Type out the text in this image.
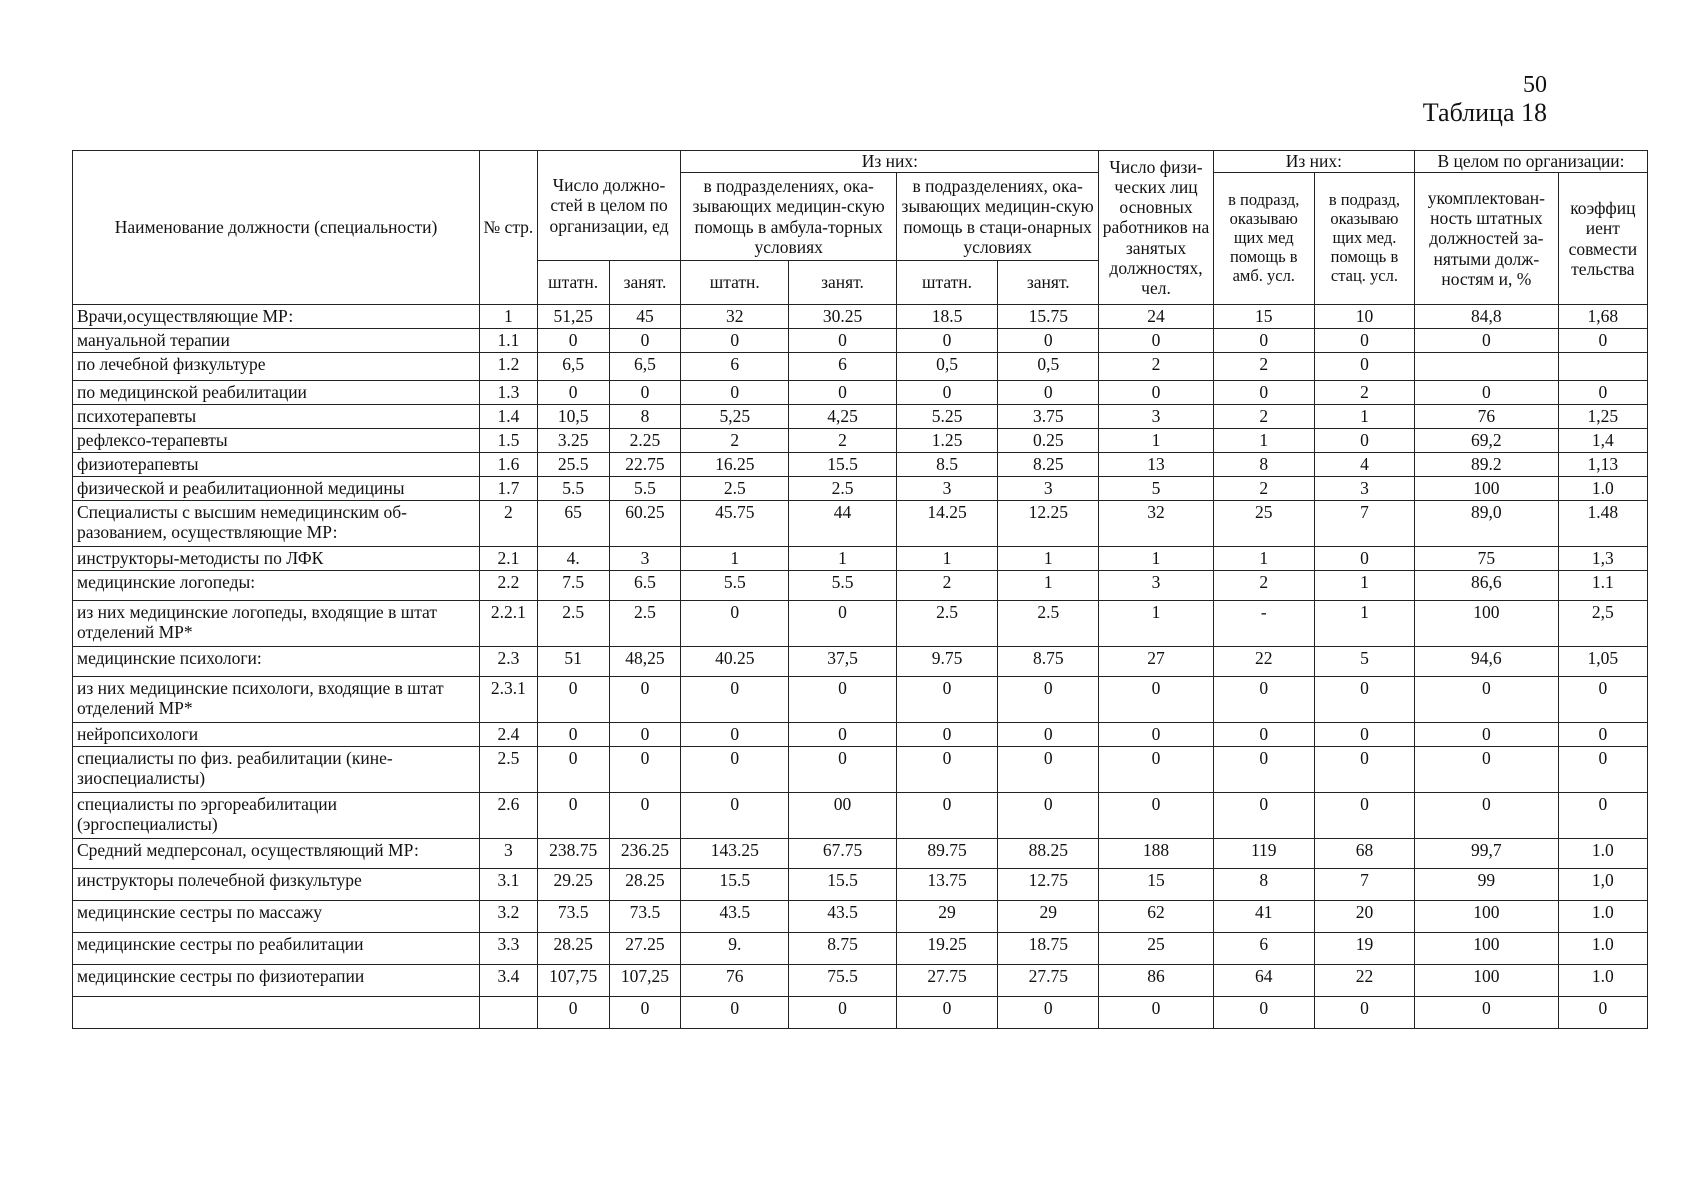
50
Таблица 18
Наименование должности (специальности)	№ стр.	Число должно-стей в целом по организации, ед		Из них:				Число физи-ческих лиц основных работников на занятых должностях, чел.	Из них:		В целом по организации:	
				в подразделениях, ока-зывающих медицин-скую помощь в амбула-торных условиях		в подразделениях, ока-зывающих медицин-скую помощь в стаци-онарных условиях			в подразд, оказываю щих мед помощь в амб. усл.	в подразд, оказываю щих мед. помощь в стац. усл.	укомплектован-ность штатных должностей за-нятыми долж-ностям и, %	коэффиц иент совмести тельства
		штатн.	занят.	штатн.	занят.	штатн.	занят.					
Врачи,осуществляющие МР:	1	51,25	45	32	30.25	18.5	15.75	24	15	10	84,8	1,68
мануальной терапии	1.1	0	0	0	0	0	0	0	0	0	0	0
по лечебной физкультуре	1.2	6,5	6,5	6	6	0,5	0,5	2	2	0		
по медицинской реабилитации	1.3	0	0	0	0	0	0	0	0	2	0	0
психотерапевты	1.4	10,5	8	5,25	4,25	5.25	3.75	3	2	1	76	1,25
рефлексо-терапевты	1.5	3.25	2.25	2	2	1.25	0.25	1	1	0	69,2	1,4
физиотерапевты	1.6	25.5	22.75	16.25	15.5	8.5	8.25	13	8	4	89.2	1,13
физической и реабилитационной медицины	1.7	5.5	5.5	2.5	2.5	3	3	5	2	3	100	1.0
Специалисты с высшим немедицинским об-разованием, осуществляющие МР:	2	65	60.25	45.75	44	14.25	12.25	32	25	7	89,0	1.48
инструкторы-методисты по ЛФК	2.1	4.	3	1	1	1	1	1	1	0	75	1,3
медицинские логопеды:	2.2	7.5	6.5	5.5	5.5	2	1	3	2	1	86,6	1.1
из них медицинские логопеды, входящие в штат отделений МР*	2.2.1	2.5	2.5	0	0	2.5	2.5	1	-	1	100	2,5
медицинские психологи:	2.3	51	48,25	40.25	37,5	9.75	8.75	27	22	5	94,6	1,05
из них медицинские психологи, входящие в штат отделений МР*	2.3.1	0	0	0	0	0	0	0	0	0	0	0
нейропсихологи	2.4	0	0	0	0	0	0	0	0	0	0	0
специалисты по физ. реабилитации (кине-зиоспециалисты)	2.5	0	0	0	0	0	0	0	0	0	0	0
специалисты по эргореабилитации (эргоспециалисты)	2.6	0	0	0	00	0	0	0	0	0	0	0
Средний медперсонал, осуществляющий МР:	3	238.75	236.25	143.25	67.75	89.75	88.25	188	119	68	99,7	1.0
инструкторы полечебной физкультуре	3.1	29.25	28.25	15.5	15.5	13.75	12.75	15	8	7	99	1,0
медицинские сестры по массажу	3.2	73.5	73.5	43.5	43.5	29	29	62	41	20	100	1.0
медицинские сестры по реабилитации	3.3	28.25	27.25	9.	8.75	19.25	18.75	25	6	19	100	1.0
медицинские сестры по физиотерапии	3.4	107,75	107,25	76	75.5	27.75	27.75	86	64	22	100	1.0
		0	0	0	0	0	0	0	0	0	0	0
